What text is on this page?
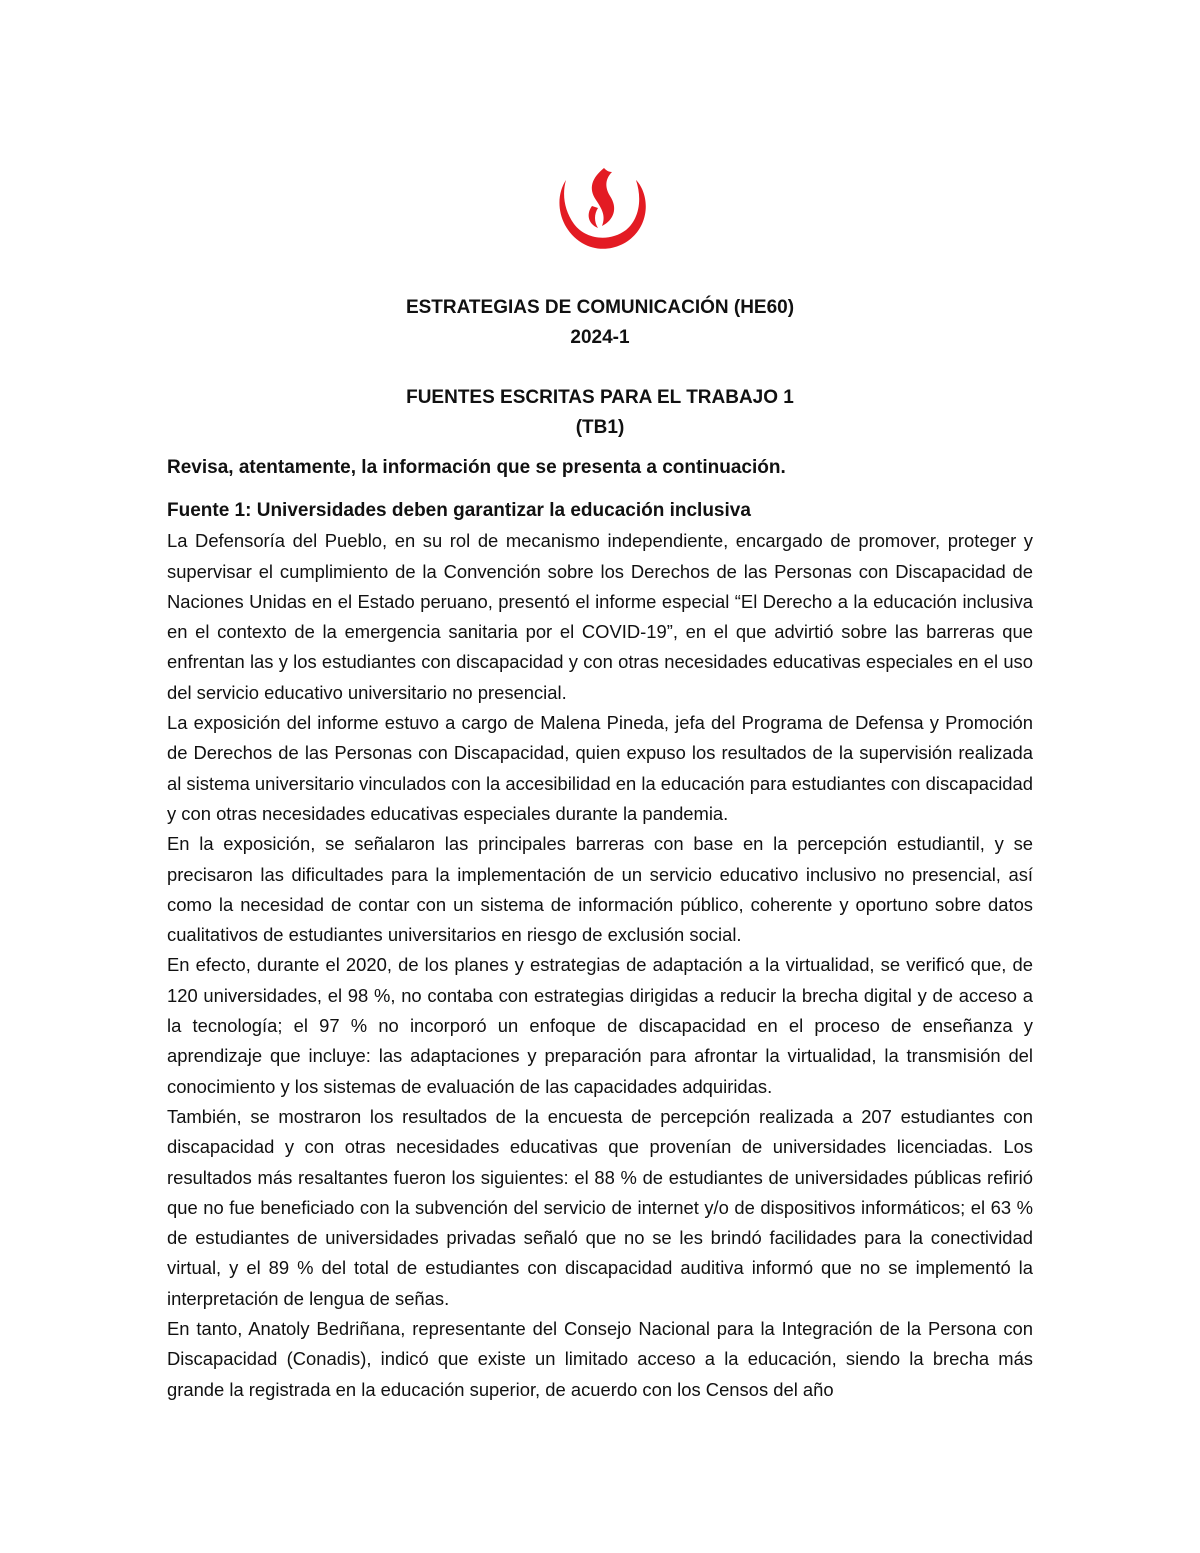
ESTRATEGIAS DE COMUNICACIÓN (HE60)
2024-1
FUENTES ESCRITAS PARA EL TRABAJO 1
(TB1)
Revisa, atentamente, la información que se presenta a continuación.

Fuente 1: Universidades deben garantizar la educación inclusiva

La Defensoría del Pueblo, en su rol de mecanismo independiente, encargado de promover, proteger y supervisar el cumplimiento de la Convención sobre los Derechos de las Personas con Discapacidad de Naciones Unidas en el Estado peruano, presentó el informe especial “El Derecho a la educación inclusiva en el contexto de la emergencia sanitaria por el COVID-19”, en el que advirtió sobre las barreras que enfrentan las y los estudiantes con discapacidad y con otras necesidades educativas especiales en el uso del servicio educativo universitario no presencial.

La exposición del informe estuvo a cargo de Malena Pineda, jefa del Programa de Defensa y Promoción de Derechos de las Personas con Discapacidad, quien expuso los resultados de la supervisión realizada al sistema universitario vinculados con la accesibilidad en la educación para estudiantes con discapacidad y con otras necesidades educativas especiales durante la pandemia.

En la exposición, se señalaron las principales barreras con base en la percepción estudiantil, y se precisaron las dificultades para la implementación de un servicio educativo inclusivo no presencial, así como la necesidad de contar con un sistema de información público, coherente y oportuno sobre datos cualitativos de estudiantes universitarios en riesgo de exclusión social.

En efecto, durante el 2020, de los planes y estrategias de adaptación a la virtualidad, se verificó que, de 120 universidades, el 98 %, no contaba con estrategias dirigidas a reducir la brecha digital y de acceso a la tecnología; el 97 % no incorporó un enfoque de discapacidad en el proceso de enseñanza y aprendizaje que incluye: las adaptaciones y preparación para afrontar la virtualidad, la transmisión del conocimiento y los sistemas de evaluación de las capacidades adquiridas.

También, se mostraron los resultados de la encuesta de percepción realizada a 207 estudiantes con discapacidad y con otras necesidades educativas que provenían de universidades licenciadas. Los resultados más resaltantes fueron los siguientes: el 88 % de estudiantes de universidades públicas refirió que no fue beneficiado con la subvención del servicio de internet y/o de dispositivos informáticos; el 63 % de estudiantes de universidades privadas señaló que no se les brindó facilidades para la conectividad virtual, y el 89 % del total de estudiantes con discapacidad auditiva informó que no se implementó la interpretación de lengua de señas.

En tanto, Anatoly Bedriñana, representante del Consejo Nacional para la Integración de la Persona con Discapacidad (Conadis), indicó que existe un limitado acceso a la educación, siendo la brecha más grande la registrada en la educación superior, de acuerdo con los Censos del año
